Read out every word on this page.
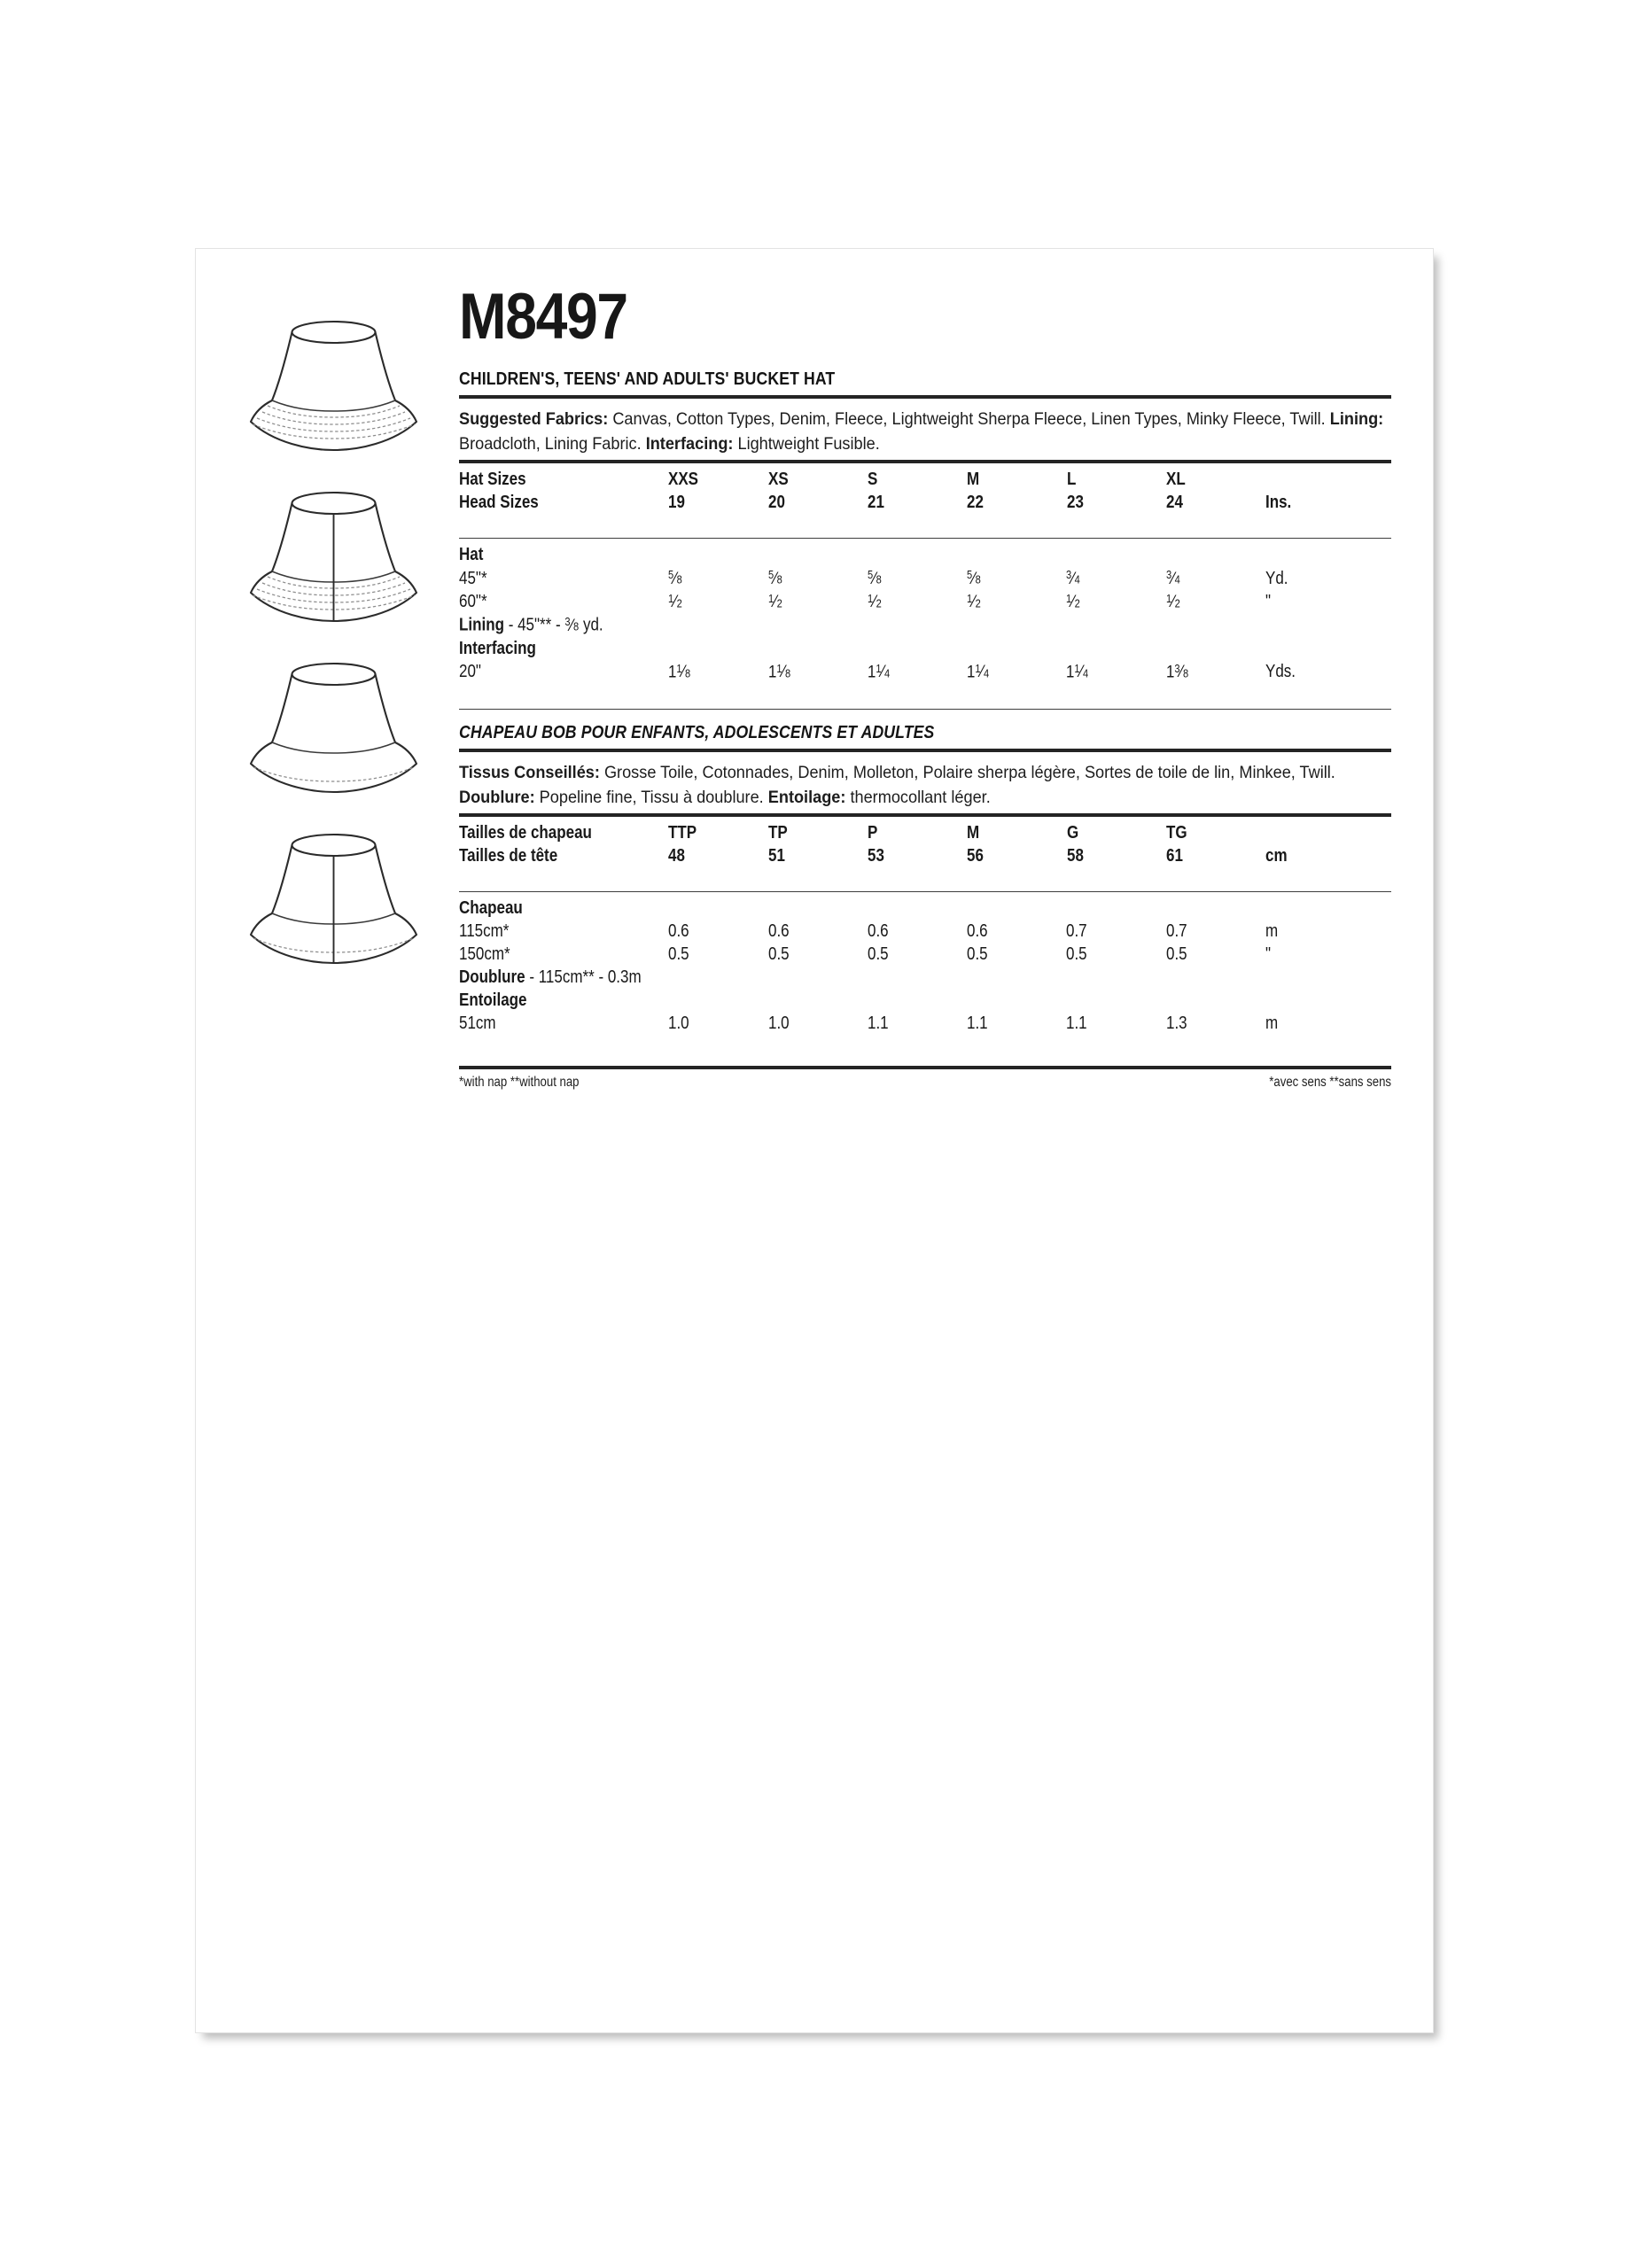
M8497
CHILDREN'S, TEENS' AND ADULTS' BUCKET HAT
Suggested Fabrics: Canvas, Cotton Types, Denim, Fleece, Lightweight Sherpa Fleece, Linen Types, Minky Fleece, Twill. Lining: Broadcloth, Lining Fabric. Interfacing: Lightweight Fusible.
Hat Sizes	XXS	XS	S	M	L	XL	
Head Sizes	19	20	21	22	23	24	Ins.
Hat							
45"*	$^5⁄_8$	$^5⁄_8$	$^5⁄_8$	$^5⁄_8$	$^3⁄_4$	$^3⁄_4$	Yd.
60"*	$^1⁄_2$	$^1⁄_2$	$^1⁄_2$	$^1⁄_2$	$^1⁄_2$	$^1⁄_2$	"
Lining - 45"** - $^3⁄_8$ yd.							
Interfacing							
20"	$1^1⁄_8$	$1^1⁄_8$	$1^1⁄_4$	$1^1⁄_4$	$1^1⁄_4$	$1^3⁄_8$	Yds.
CHAPEAU BOB POUR ENFANTS, ADOLESCENTS ET ADULTES
Tissus Conseillés: Grosse Toile, Cotonnades, Denim, Molleton, Polaire sherpa légère, Sortes de toile de lin, Minkee, Twill. Doublure: Popeline fine, Tissu à doublure. Entoilage: thermocollant léger.
Tailles de chapeau	TTP	TP	P	M	G	TG	
Tailles de tête	48	51	53	56	58	61	cm
Chapeau							
115cm*	0.6	0.6	0.6	0.6	0.7	0.7	m
150cm*	0.5	0.5	0.5	0.5	0.5	0.5	"
Doublure - 115cm** - 0.3m							
Entoilage							
51cm	1.0	1.0	1.1	1.1	1.1	1.3	m
*with nap **without nap	*avec sens **sans sens
